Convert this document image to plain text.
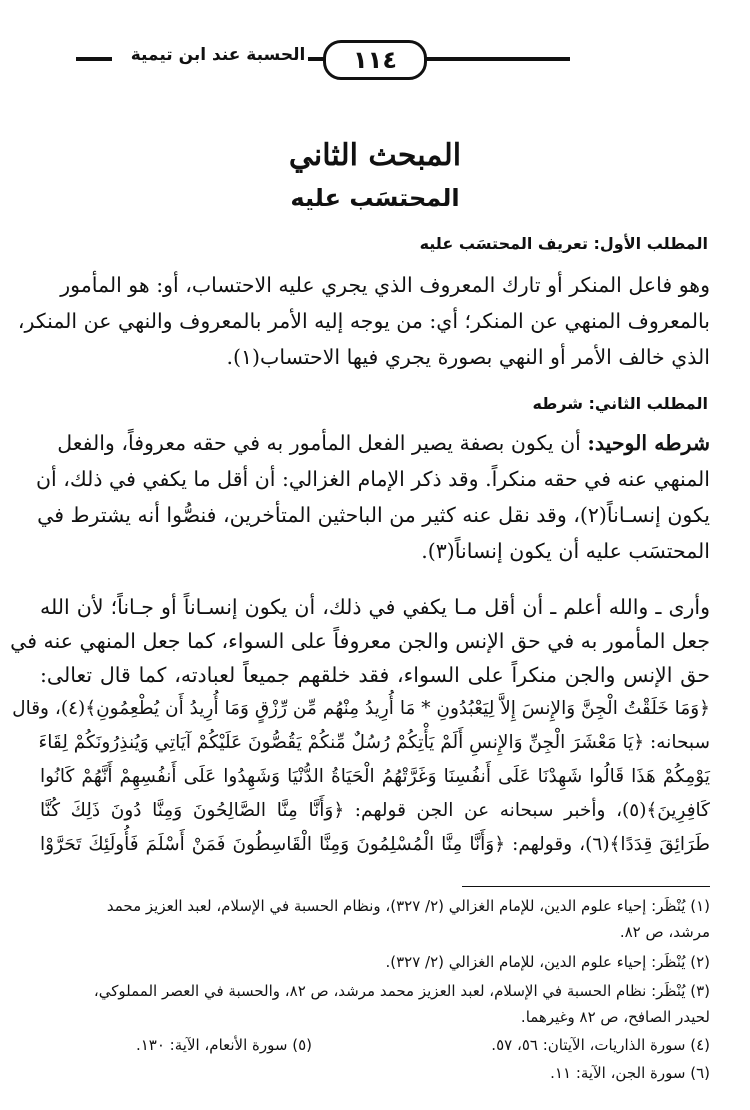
١١٤
الحسبة عند ابن تيمية
المبحث الثاني
المحتسَب عليه
المطلب الأول: تعريف المحتسَب عليه
وهو فاعل المنكر أو تارك المعروف الذي يجري عليه الاحتساب، أو: هو المأمور
بالمعروف المنهي عن المنكر؛ أي: من يوجه إليه الأمر بالمعروف والنهي عن المنكر،
الذي خالف الأمر أو النهي بصورة يجري فيها الاحتساب(١).
المطلب الثاني: شرطه
شرطه الوحيد: أن يكون بصفة يصير الفعل المأمور به في حقه معروفاً، والفعل
المنهي عنه في حقه منكراً. وقد ذكر الإمام الغزالي: أن أقل ما يكفي في ذلك، أن
يكون إنسـاناً(٢)، وقد نقل عنه كثير من الباحثين المتأخرين، فنصُّوا أنه يشترط في
المحتسَب عليه أن يكون إنساناً(٣).
وأرى ـ والله أعلم ـ أن أقل مـا يكفي في ذلك، أن يكون إنسـاناً أو جـاناً؛ لأن الله
جعل المأمور به في حق الإنس والجن معروفاً على السواء، كما جعل المنهي عنه في
حق الإنس والجن منكراً على السواء، فقد خلقهم جميعاً لعبادته، كما قال تعالى:
﴿وَمَا خَلَقْتُ الْجِنَّ وَالإِنسَ إِلاَّ لِيَعْبُدُونِ * مَا أُرِيدُ مِنْهُم مِّن رِّزْقٍ وَمَا أُرِيدُ أَن يُطْعِمُونِ﴾(٤)، وقال
سبحانه: ﴿يَا مَعْشَرَ الْجِنِّ وَالإِنسِ أَلَمْ يَأْتِكُمْ رُسُلٌ مِّنكُمْ يَقُصُّونَ عَلَيْكُمْ آيَاتِي وَيُنذِرُونَكُمْ لِقَاءَ
يَوْمِكُمْ هَذَا قَالُوا شَهِدْنَا عَلَى أَنفُسِنَا وَغَرَّتْهُمُ الْحَيَاةُ الدُّنْيَا وَشَهِدُوا عَلَى أَنفُسِهِمْ أَنَّهُمْ كَانُوا
كَافِرِينَ﴾(٥)، وأخبر سبحانه عن الجن قولهم: ﴿وَأَنَّا مِنَّا الصَّالِحُونَ وَمِنَّا دُونَ ذَلِكَ كُنَّا
طَرَائِقَ قِدَدًا﴾(٦)، وقولهم: ﴿وَأَنَّا مِنَّا الْمُسْلِمُونَ وَمِنَّا الْقَاسِطُونَ فَمَنْ أَسْلَمَ فَأُولَئِكَ تَحَرَّوْا
(١) يُنْظَر: إحياء علوم الدين، للإمام الغزالي (٢/ ٣٢٧)، ونظام الحسبة في الإسلام، لعبد العزيز محمد
مرشد، ص ٨٢.
(٢) يُنْظَر: إحياء علوم الدين، للإمام الغزالي (٢/ ٣٢٧).
(٣) يُنْظَر: نظام الحسبة في الإسلام، لعبد العزيز محمد مرشد، ص ٨٢، والحسبة في العصر المملوكي،
لحيدر الصافح، ص ٨٢ وغيرهما.
(٤) سورة الذاريات، الآيتان: ٥٦، ٥٧.
(٥) سورة الأنعام، الآية: ١٣٠.
(٦) سورة الجن، الآية: ١١.
